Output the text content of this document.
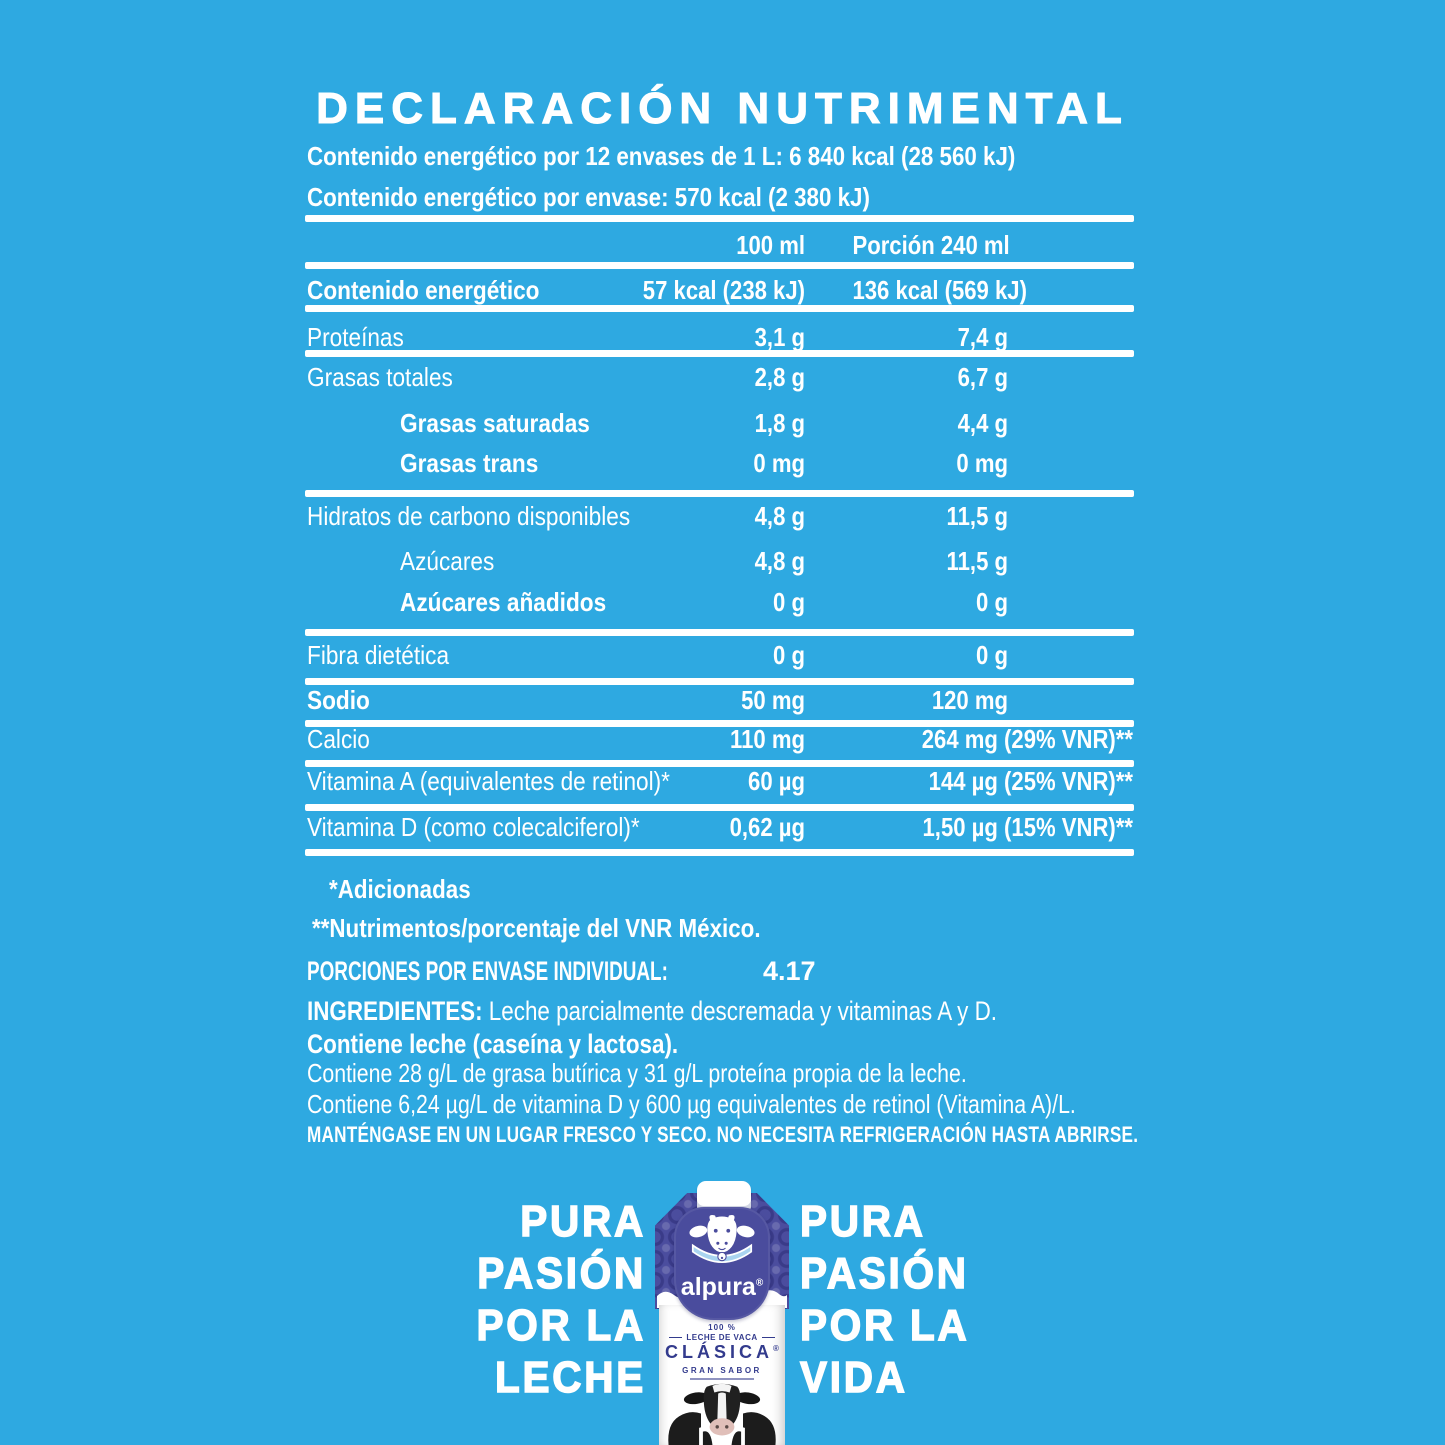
DECLARACIÓN NUTRIMENTAL
Contenido energético por 12 envases de 1 L: 6 840 kcal (28 560 kJ)
Contenido energético por envase: 570 kcal (2 380 kJ)
100 ml Porción 240 ml
Contenido energético	57 kcal (238 kJ) 136 kcal (569 kJ)
Proteínas	3,1 g	7,4 g
Grasas totales	2,8 g	6,7 g
Grasas saturadas	1,8 g	4,4 g
Grasas trans	0 mg	0 mg
Hidratos de carbono disponibles	4,8 g	11,5 g
Azúcares	4,8 g	11,5 g
Azúcares añadidos	0 g	0 g
Fibra dietética	0 g	0 g
Sodio	50 mg	120 mg
Calcio	110 mg	264 mg (29% VNR)**
Vitamina A (equivalentes de retinol)*	60 µg	144 µg (25% VNR)**
Vitamina D (como colecalciferol)*	0,62 µg	1,50 µg (15% VNR)**
*Adicionadas
**Nutrimentos/porcentaje del VNR México.
PORCIONES POR ENVASE INDIVIDUAL:	4.17
INGREDIENTES: Leche parcialmente descremada y vitaminas A y D. Contiene leche (caseína y lactosa).
Contiene 28 g/L de grasa butírica y 31 g/L proteína propia de la leche.
Contiene 6,24 µg/L de vitamina D y 600 µg equivalentes de retinol (Vitamina A)/L.
MANTÉNGASE EN UN LUGAR FRESCO Y SECO. NO NECESITA REFRIGERACIÓN HASTA ABRIRSE.
PURA
PASIÓN
POR LA
LECHE
PURA
PASIÓN
POR LA
VIDA
alpura®
100 %
LECHE DE VACA
CLÁSICA®
GRAN SABOR
